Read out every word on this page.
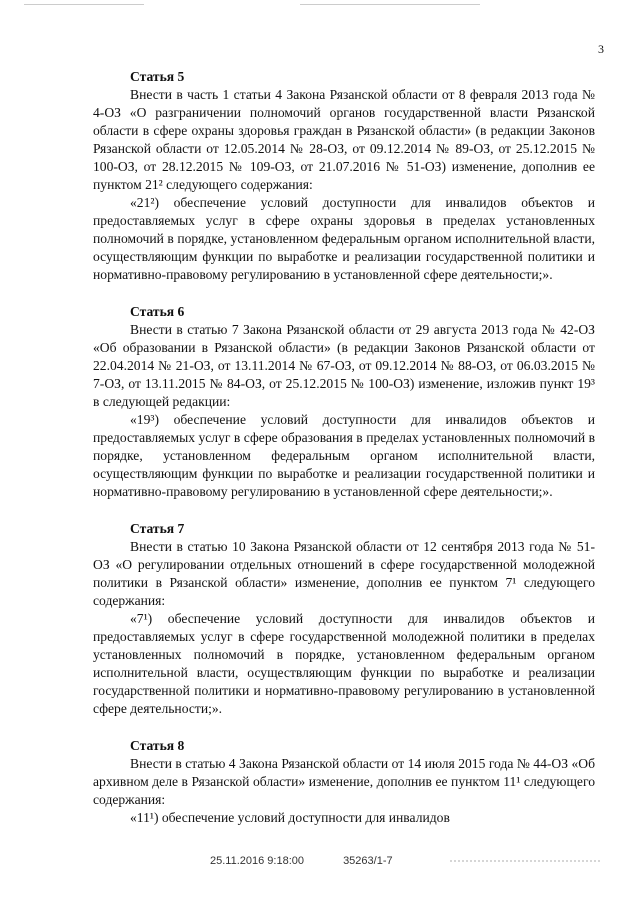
3

Статья 5

Внести в часть 1 статьи 4 Закона Рязанской области от 8 февраля 2013 года № 4-ОЗ «О разграничении полномочий органов государственной власти Рязанской области в сфере охраны здоровья граждан в Рязанской области» (в редакции Законов Рязанской области от 12.05.2014 № 28-ОЗ, от 09.12.2014 № 89-ОЗ, от 25.12.2015 № 100-ОЗ, от 28.12.2015 № 109-ОЗ, от 21.07.2016 № 51-ОЗ) изменение, дополнив ее пунктом 21² следующего содержания:

«21²) обеспечение условий доступности для инвалидов объектов и предоставляемых услуг в сфере охраны здоровья в пределах установленных полномочий в порядке, установленном федеральным органом исполнительной власти, осуществляющим функции по выработке и реализации государственной политики и нормативно-правовому регулированию в установленной сфере деятельности;».

Статья 6

Внести в статью 7 Закона Рязанской области от 29 августа 2013 года № 42-ОЗ «Об образовании в Рязанской области» (в редакции Законов Рязанской области от 22.04.2014 № 21-ОЗ, от 13.11.2014 № 67-ОЗ, от 09.12.2014 № 88-ОЗ, от 06.03.2015 № 7-ОЗ, от 13.11.2015 № 84-ОЗ, от 25.12.2015 № 100-ОЗ) изменение, изложив пункт 19³ в следующей редакции:

«19³) обеспечение условий доступности для инвалидов объектов и предоставляемых услуг в сфере образования в пределах установленных полномочий в порядке, установленном федеральным органом исполнительной власти, осуществляющим функции по выработке и реализации государственной политики и нормативно-правовому регулированию в установленной сфере деятельности;».

Статья 7

Внести в статью 10 Закона Рязанской области от 12 сентября 2013 года № 51-ОЗ «О регулировании отдельных отношений в сфере государственной молодежной политики в Рязанской области» изменение, дополнив ее пунктом 7¹ следующего содержания:

«7¹) обеспечение условий доступности для инвалидов объектов и предоставляемых услуг в сфере государственной молодежной политики в пределах установленных полномочий в порядке, установленном федеральным органом исполнительной власти, осуществляющим функции по выработке и реализации государственной политики и нормативно-правовому регулированию в установленной сфере деятельности;».

Статья 8

Внести в статью 4 Закона Рязанской области от 14 июля 2015 года № 44-ОЗ «Об архивном деле в Рязанской области» изменение, дополнив ее пунктом 11¹ следующего содержания:

«11¹) обеспечение условий доступности для инвалидов

25.11.2016 9:18:00	35263/1-7
